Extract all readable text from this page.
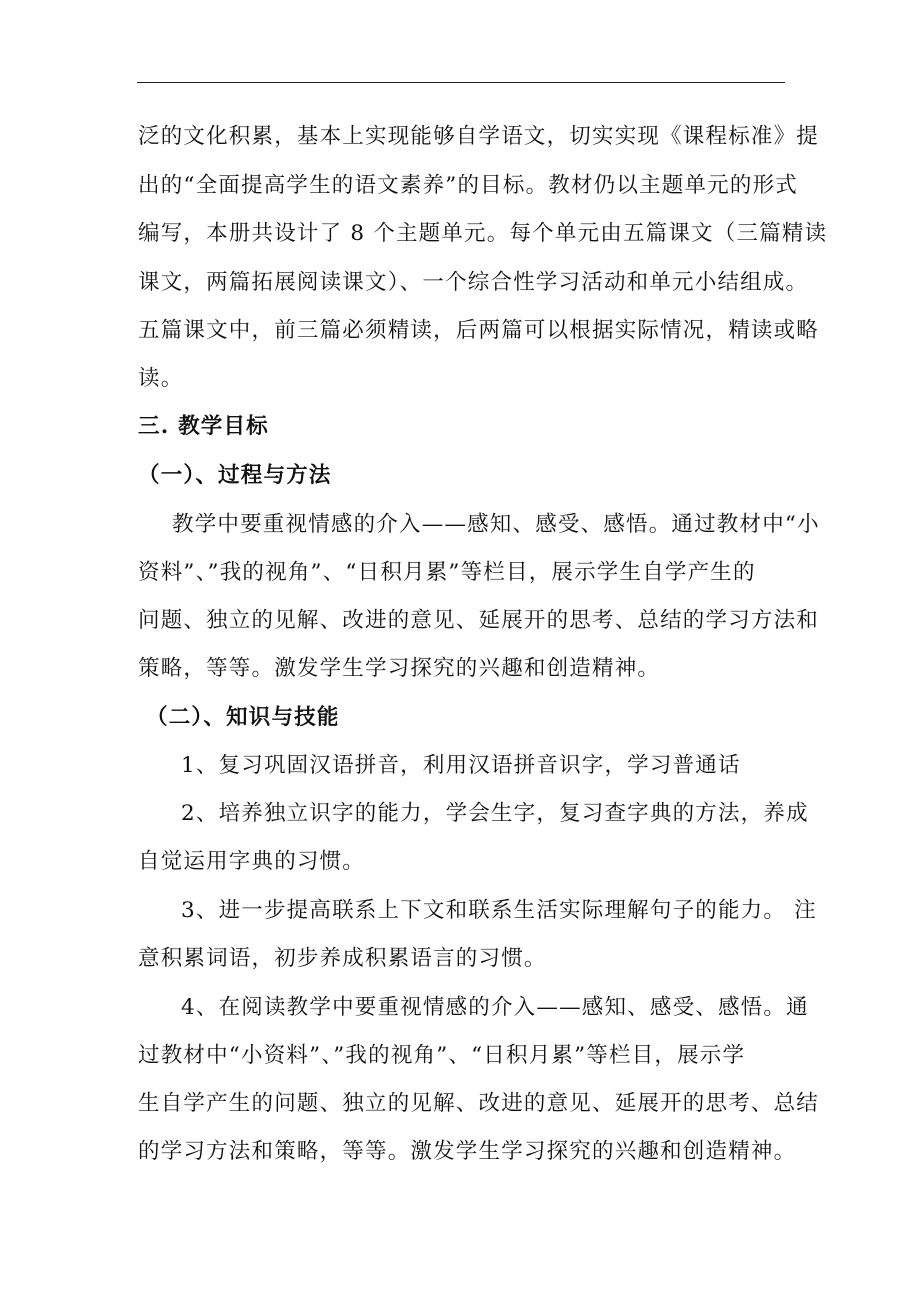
泛的文化积累，基本上实现能够自学语文，切实实现《课程标准》提
出的“全面提高学生的语文素养”的目标。教材仍以主题单元的形式
编写，本册共设计了 8 个主题单元。每个单元由五篇课文（三篇精读
课文，两篇拓展阅读课文）、一个综合性学习活动和单元小结组成。
五篇课文中，前三篇必须精读，后两篇可以根据实际情况，精读或略
读。
三. 教学目标
（一）、过程与方法
教学中要重视情感的介入——感知、感受、感悟。通过教材中“小
资料”、”我的视角”、“日积月累”等栏目，展示学生自学产生的
问题、独立的见解、改进的意见、延展开的思考、总结的学习方法和
策略，等等。激发学生学习探究的兴趣和创造精神。
（二）、知识与技能
1、复习巩固汉语拼音，利用汉语拼音识字，学习普通话
2、培养独立识字的能力，学会生字，复习查字典的方法，养成
自觉运用字典的习惯。
3、进一步提高联系上下文和联系生活实际理解句子的能力。 注
意积累词语，初步养成积累语言的习惯。
4、在阅读教学中要重视情感的介入——感知、感受、感悟。通
过教材中“小资料”、”我的视角”、“日积月累”等栏目，展示学
生自学产生的问题、独立的见解、改进的意见、延展开的思考、总结
的学习方法和策略，等等。激发学生学习探究的兴趣和创造精神。
